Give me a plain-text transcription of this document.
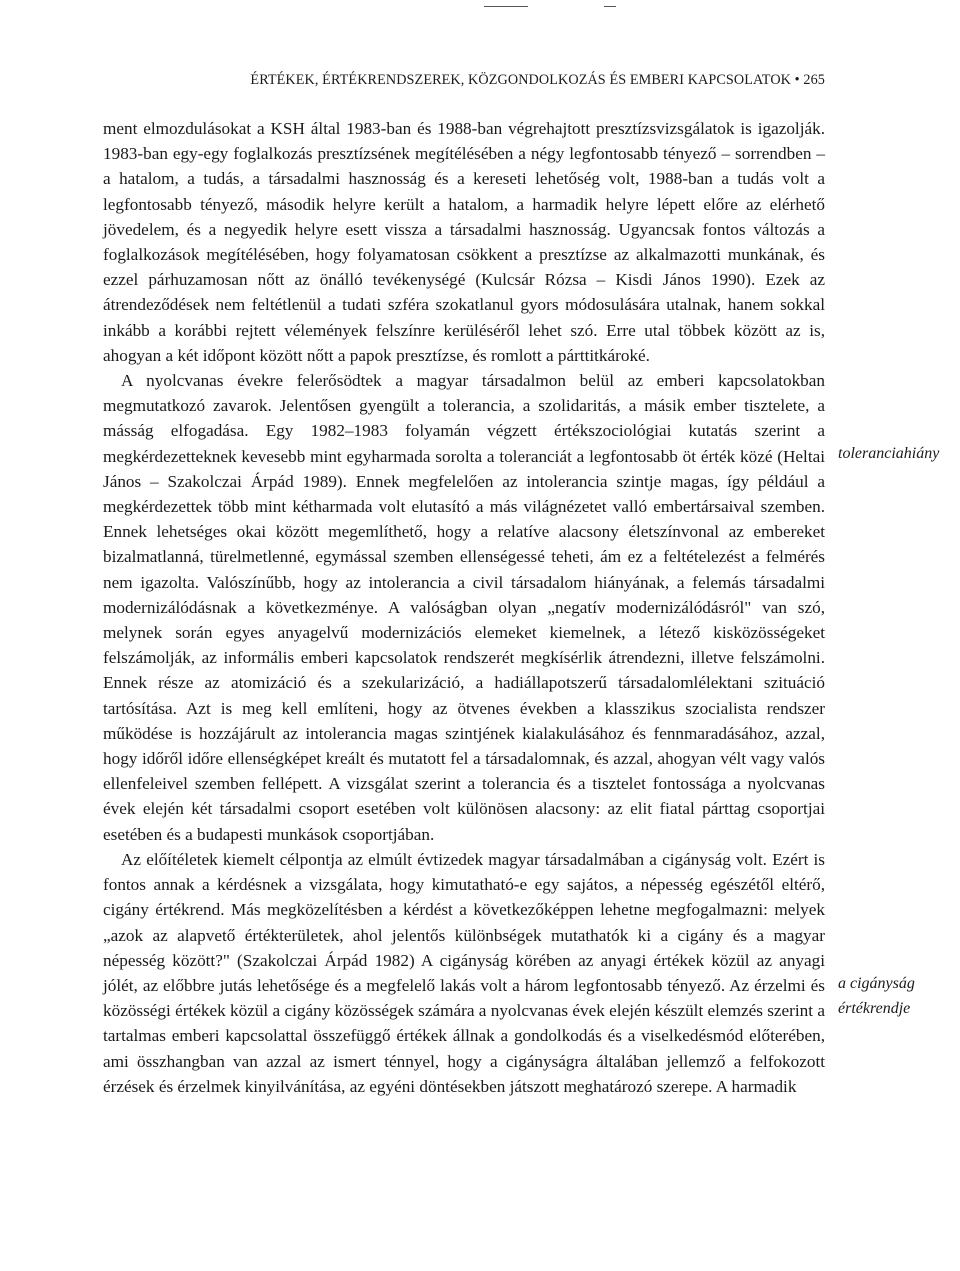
ÉRTÉKEK, ÉRTÉKRENDSZEREK, KÖZGONDOLKOZÁS ÉS EMBERI KAPCSOLATOK • 265

ment elmozdulásokat a KSH által 1983-ban és 1988-ban végrehajtott presztízsvizsgálatok is igazolják. 1983-ban egy-egy foglalkozás presztízsének megítélésében a négy legfontosabb tényező – sorrendben – a hatalom, a tudás, a társadalmi hasznosság és a kereseti lehetőség volt, 1988-ban a tudás volt a legfontosabb tényező, második helyre került a hatalom, a harmadik helyre lépett előre az elérhető jövedelem, és a negyedik helyre esett vissza a társadalmi hasznosság. Ugyancsak fontos változás a foglalkozások megítélésében, hogy folyamatosan csökkent a presztízse az alkalmazotti munkának, és ezzel párhuzamosan nőtt az önálló tevékenységé (Kulcsár Rózsa – Kisdi János 1990). Ezek az átrendeződések nem feltétlenül a tudati szféra szokatlanul gyors módosulására utalnak, hanem sokkal inkább a korábbi rejtett vélemények felszínre kerüléséről lehet szó. Erre utal többek között az is, ahogyan a két időpont között nőtt a papok presztízse, és romlott a párttitkároké.

A nyolcvanas évekre felerősödtek a magyar társadalmon belül az emberi kapcsolatokban megmutatkozó zavarok. Jelentősen gyengült a tolerancia, a szolidaritás, a másik ember tisztelete, a másság elfogadása. Egy 1982–1983 folyamán végzett értékszociológiai kutatás szerint a megkérdezetteknek kevesebb mint egyharmada sorolta a toleranciát a legfontosabb öt érték közé (Heltai János – Szakolczai Árpád 1989). Ennek megfelelően az intolerancia szintje magas, így például a megkérdezettek több mint kétharmada volt elutasító a más világnézetet valló embertársaival szemben. Ennek lehetséges okai között megemlíthető, hogy a relatíve alacsony életszínvonal az embereket bizalmatlanná, türelmetlenné, egymással szemben ellenségessé teheti, ám ez a feltételezést a felmérés nem igazolta. Valószínűbb, hogy az intolerancia a civil társadalom hiányának, a felemás társadalmi modernizálódásnak a következménye. A valóságban olyan „negatív modernizálódásról" van szó, melynek során egyes anyagelvű modernizációs elemeket kiemelnek, a létező kisközösségeket felszámolják, az informális emberi kapcsolatok rendszerét megkísérlik átrendezni, illetve felszámolni. Ennek része az atomizáció és a szekularizáció, a hadiállapotszerű társadalomlélektani szituáció tartósítása. Azt is meg kell említeni, hogy az ötvenes években a klasszikus szocialista rendszer működése is hozzájárult az intolerancia magas szintjének kialakulásához és fennmaradásához, azzal, hogy időről időre ellenségképet kreált és mutatott fel a társadalomnak, és azzal, ahogyan vélt vagy valós ellenfeleivel szemben fellépett. A vizsgálat szerint a tolerancia és a tisztelet fontossága a nyolcvanas évek elején két társadalmi csoport esetében volt különösen alacsony: az elit fiatal párttag csoportjai esetében és a budapesti munkások csoportjában.

Az előítéletek kiemelt célpontja az elmúlt évtizedek magyar társadalmában a cigányság volt. Ezért is fontos annak a kérdésnek a vizsgálata, hogy kimutatható-e egy sajátos, a népesség egészétől eltérő, cigány értékrend. Más megközelítésben a kérdést a következőképpen lehetne megfogalmazni: melyek „azok az alapvető értékterületek, ahol jelentős különbségek mutathatók ki a cigány és a magyar népesség között?" (Szakolczai Árpád 1982) A cigányság körében az anyagi értékek közül az anyagi jólét, az előbbre jutás lehetősége és a megfelelő lakás volt a három legfontosabb tényező. Az érzelmi és közösségi értékek közül a cigány közösségek számára a nyolcvanas évek elején készült elemzés szerint a tartalmas emberi kapcsolattal összefüggő értékek állnak a gondolkodás és a viselkedésmód előterében, ami összhangban van azzal az ismert ténnyel, hogy a cigányságra általában jellemző a felfokozott érzések és érzelmek kinyilvánítása, az egyéni döntésekben játszott meghatározó szerepe. A harmadik

toleranciahiány
a cigányság
értékrendje
